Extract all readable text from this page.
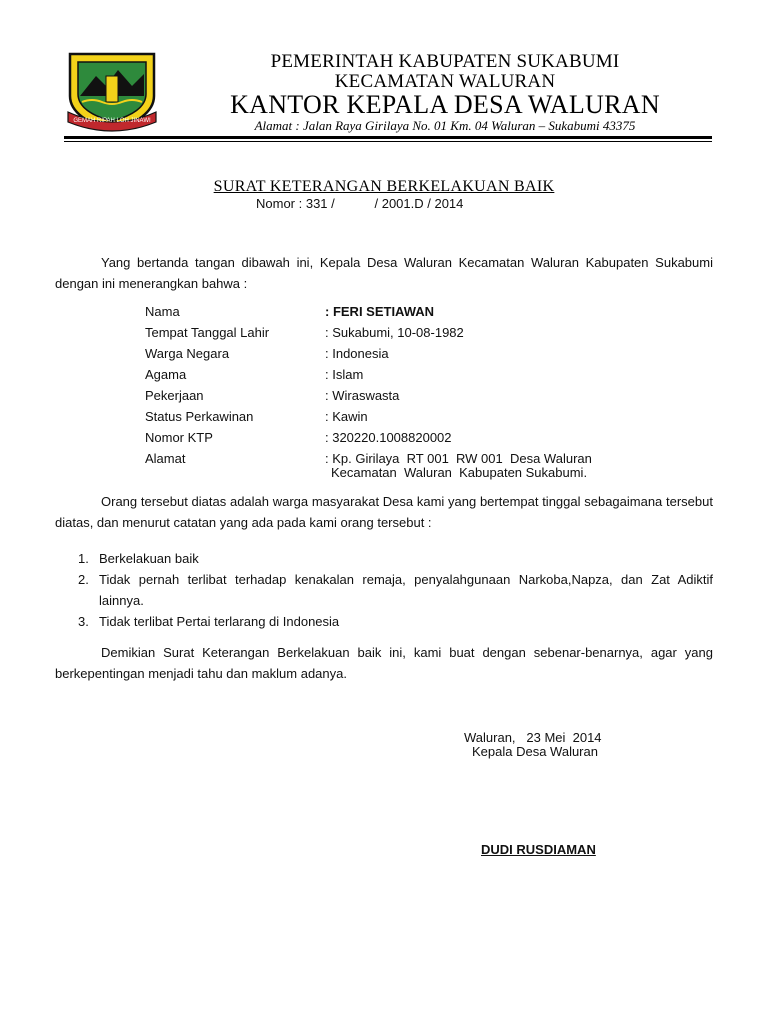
GEMAH RIPAH LOH JINAWI
PEMERINTAH KABUPATEN SUKABUMI
KECAMATAN WALURAN
KANTOR KEPALA DESA WALURAN
Alamat : Jalan Raya Girilaya No. 01 Km. 04 Waluran – Sukabumi 43375
SURAT KETERANGAN BERKELAKUAN BAIK
Nomor : 331 /           / 2001.D / 2014

Yang bertanda tangan dibawah ini, Kepala Desa Waluran Kecamatan Waluran Kabupaten Sukabumi dengan ini menerangkan bahwa :

Nama	: FERI SETIAWAN
Tempat Tanggal Lahir	: Sukabumi, 10-08-1982
Warga Negara	: Indonesia
Agama	: Islam
Pekerjaan	: Wiraswasta
Status Perkawinan	: Kawin
Nomor KTP	: 320220.1008820002
Alamat	: Kp. Girilaya  RT 001  RW 001  Desa Waluran
Kecamatan  Waluran  Kabupaten Sukabumi.

Orang tersebut diatas adalah warga masyarakat Desa kami yang bertempat tinggal sebagaimana tersebut diatas, dan menurut catatan yang ada pada kami orang tersebut :

1. Berkelakuan baik
2. Tidak pernah terlibat terhadap kenakalan remaja, penyalahgunaan Narkoba,Napza, dan Zat Adiktif lainnya.
3. Tidak terlibat Pertai terlarang di Indonesia

Demikian Surat Keterangan Berkelakuan baik ini, kami buat dengan sebenar-benarnya, agar yang berkepentingan menjadi tahu dan maklum adanya.

Waluran,   23 Mei  2014
Kepala Desa Waluran
DUDI RUSDIAMAN
